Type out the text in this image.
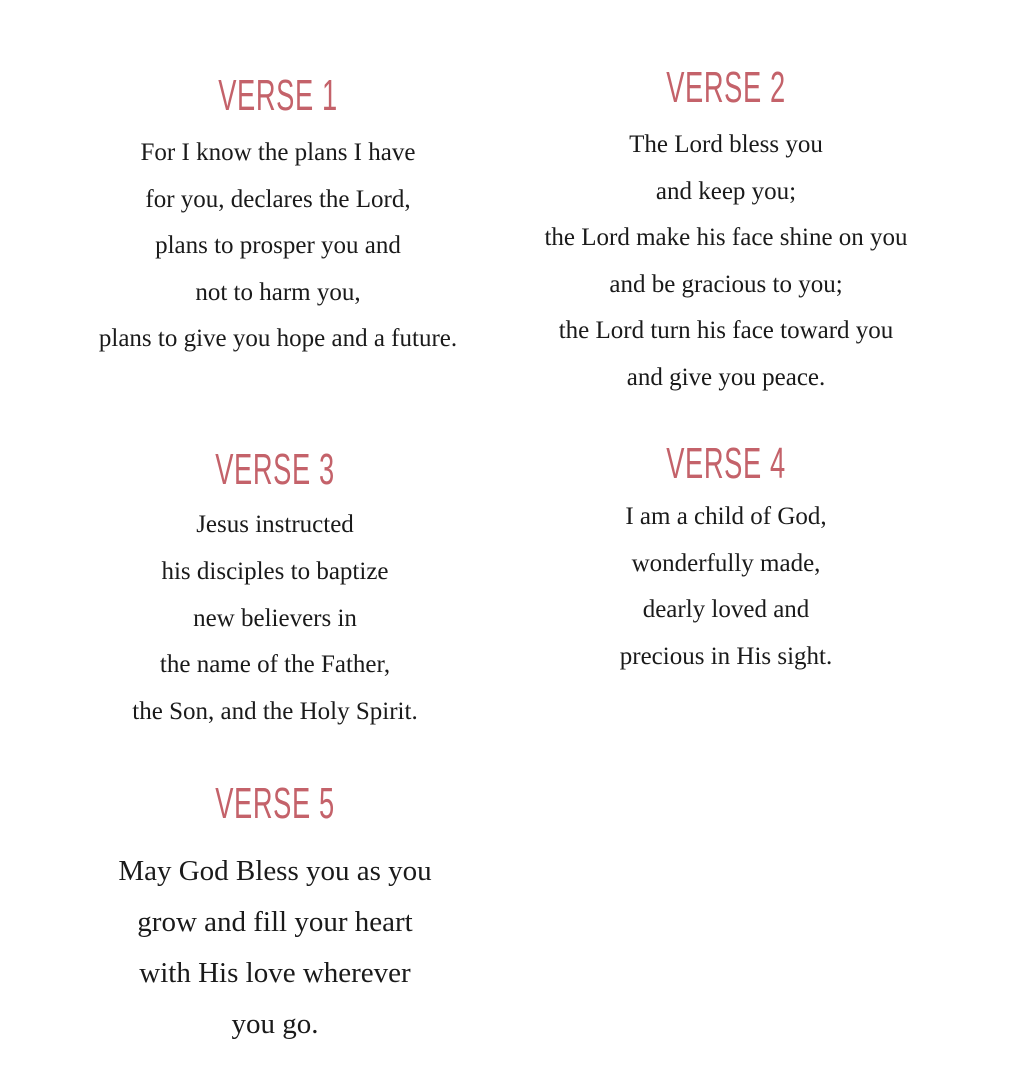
VERSE 1
For I know the plans I have
for you, declares the Lord,
plans to prosper you and
not to harm you,
plans to give you hope and a future.
VERSE 2
The Lord bless you
and keep you;
the Lord make his face shine on you
and be gracious to you;
the Lord turn his face toward you
and give you peace.
VERSE 3
Jesus instructed
his disciples to baptize
new believers in
the name of the Father,
the Son, and the Holy Spirit.
VERSE 4
I am a child of God,
wonderfully made,
dearly loved and
precious in His sight.
VERSE 5
May God Bless you as you
grow and fill your heart
with His love wherever
you go.
